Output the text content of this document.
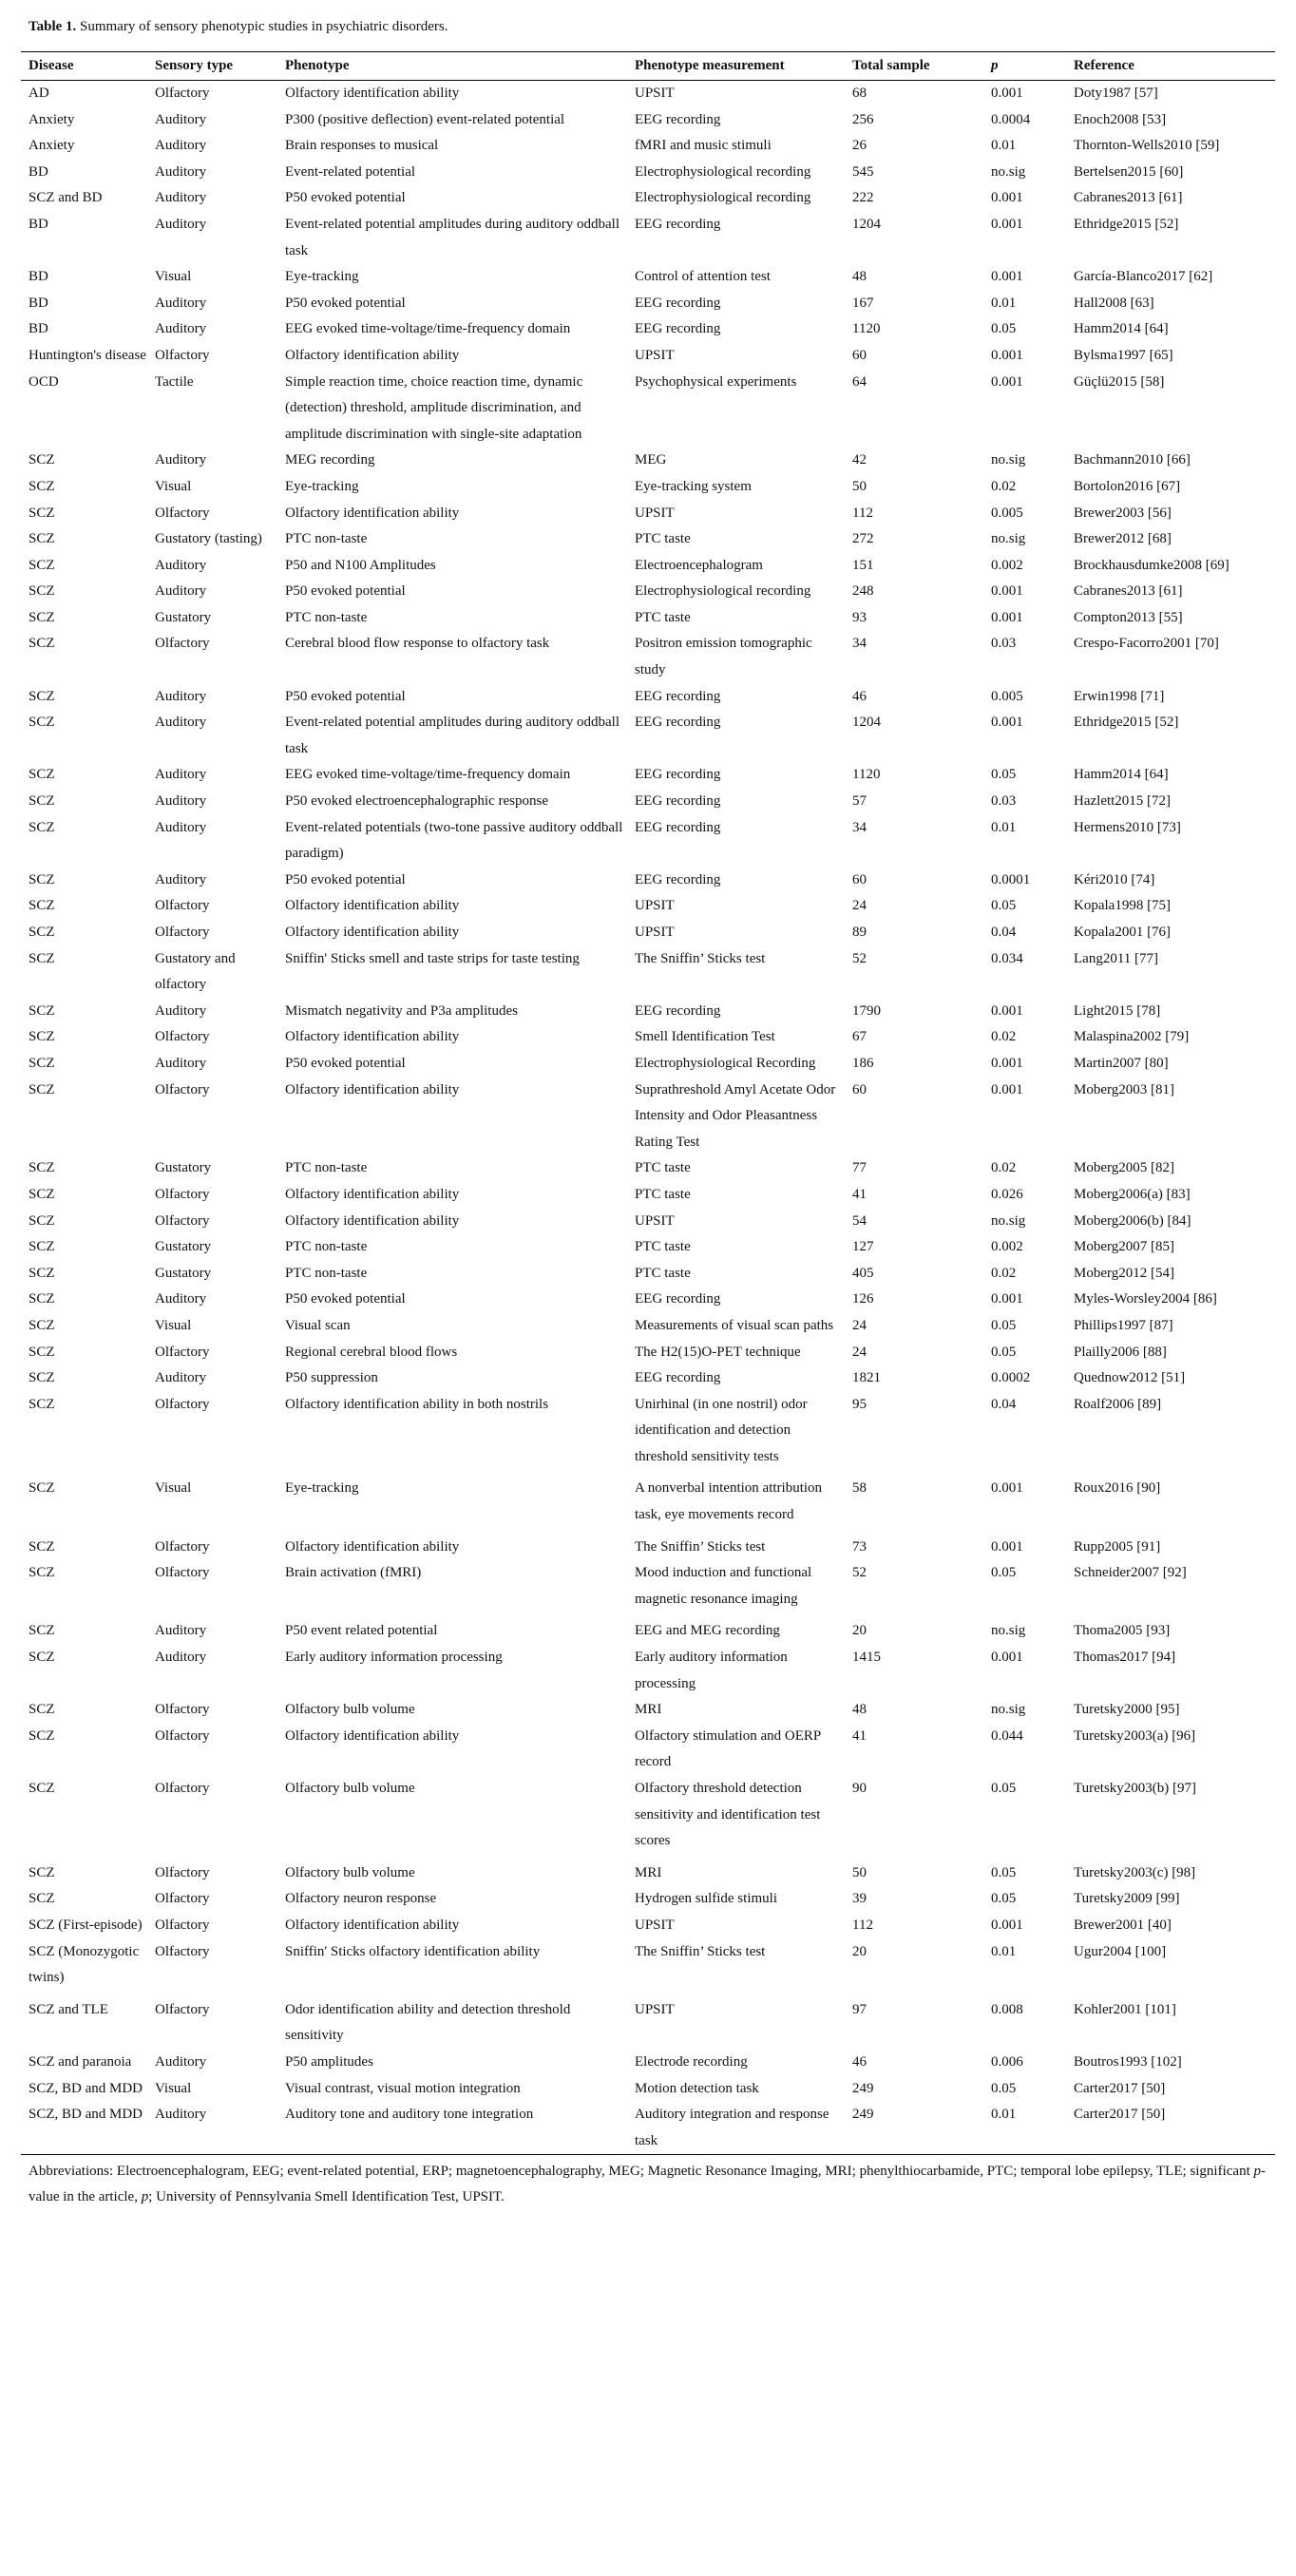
Table 1. Summary of sensory phenotypic studies in psychiatric disorders.
Disease	Sensory type	Phenotype	Phenotype measurement	Total sample	p	Reference
AD	Olfactory	Olfactory identification ability	UPSIT	68	0.001	Doty1987 [57]
Anxiety	Auditory	P300 (positive deflection) event-related potential	EEG recording	256	0.0004	Enoch2008 [53]
Anxiety	Auditory	Brain responses to musical	fMRI and music stimuli	26	0.01	Thornton-Wells2010 [59]
BD	Auditory	Event-related potential	Electrophysiological recording	545	no.sig	Bertelsen2015 [60]
SCZ and BD	Auditory	P50 evoked potential	Electrophysiological recording	222	0.001	Cabranes2013 [61]
BD	Auditory	Event-related potential amplitudes during auditory oddball task	EEG recording	1204	0.001	Ethridge2015 [52]
BD	Visual	Eye-tracking	Control of attention test	48	0.001	García-Blanco2017 [62]
BD	Auditory	P50 evoked potential	EEG recording	167	0.01	Hall2008 [63]
BD	Auditory	EEG evoked time-voltage/time-frequency domain	EEG recording	1120	0.05	Hamm2014 [64]
Huntington's disease	Olfactory	Olfactory identification ability	UPSIT	60	0.001	Bylsma1997 [65]
OCD	Tactile	Simple reaction time, choice reaction time, dynamic (detection) threshold, amplitude discrimination, and amplitude discrimination with single-site adaptation	Psychophysical experiments	64	0.001	Güçlü2015 [58]
SCZ	Auditory	MEG recording	MEG	42	no.sig	Bachmann2010 [66]
SCZ	Visual	Eye-tracking	Eye-tracking system	50	0.02	Bortolon2016 [67]
SCZ	Olfactory	Olfactory identification ability	UPSIT	112	0.005	Brewer2003 [56]
SCZ	Gustatory (tasting)	PTC non-taste	PTC taste	272	no.sig	Brewer2012 [68]
SCZ	Auditory	P50 and N100 Amplitudes	Electroencephalogram	151	0.002	Brockhausdumke2008 [69]
SCZ	Auditory	P50 evoked potential	Electrophysiological recording	248	0.001	Cabranes2013 [61]
SCZ	Gustatory	PTC non-taste	PTC taste	93	0.001	Compton2013 [55]
SCZ	Olfactory	Cerebral blood flow response to olfactory task	Positron emission tomographic study	34	0.03	Crespo-Facorro2001 [70]
SCZ	Auditory	P50 evoked potential	EEG recording	46	0.005	Erwin1998 [71]
SCZ	Auditory	Event-related potential amplitudes during auditory oddball task	EEG recording	1204	0.001	Ethridge2015 [52]
SCZ	Auditory	EEG evoked time-voltage/time-frequency domain	EEG recording	1120	0.05	Hamm2014 [64]
SCZ	Auditory	P50 evoked electroencephalographic response	EEG recording	57	0.03	Hazlett2015 [72]
SCZ	Auditory	Event-related potentials (two-tone passive auditory oddball paradigm)	EEG recording	34	0.01	Hermens2010 [73]
SCZ	Auditory	P50 evoked potential	EEG recording	60	0.0001	Kéri2010 [74]
SCZ	Olfactory	Olfactory identification ability	UPSIT	24	0.05	Kopala1998 [75]
SCZ	Olfactory	Olfactory identification ability	UPSIT	89	0.04	Kopala2001 [76]
SCZ	Gustatory and olfactory	Sniffin' Sticks smell and taste strips for taste testing	The Sniffin’ Sticks test	52	0.034	Lang2011 [77]
SCZ	Auditory	Mismatch negativity and P3a amplitudes	EEG recording	1790	0.001	Light2015 [78]
SCZ	Olfactory	Olfactory identification ability	Smell Identification Test	67	0.02	Malaspina2002 [79]
SCZ	Auditory	P50 evoked potential	Electrophysiological Recording	186	0.001	Martin2007 [80]
SCZ	Olfactory	Olfactory identification ability	Suprathreshold Amyl Acetate Odor Intensity and Odor Pleasantness Rating Test	60	0.001	Moberg2003 [81]
SCZ	Gustatory	PTC non-taste	PTC taste	77	0.02	Moberg2005 [82]
SCZ	Olfactory	Olfactory identification ability	PTC taste	41	0.026	Moberg2006(a) [83]
SCZ	Olfactory	Olfactory identification ability	UPSIT	54	no.sig	Moberg2006(b) [84]
SCZ	Gustatory	PTC non-taste	PTC taste	127	0.002	Moberg2007 [85]
SCZ	Gustatory	PTC non-taste	PTC taste	405	0.02	Moberg2012 [54]
SCZ	Auditory	P50 evoked potential	EEG recording	126	0.001	Myles-Worsley2004 [86]
SCZ	Visual	Visual scan	Measurements of visual scan paths	24	0.05	Phillips1997 [87]
SCZ	Olfactory	Regional cerebral blood flows	The H2(15)O-PET technique	24	0.05	Plailly2006 [88]
SCZ	Auditory	P50 suppression	EEG recording	1821	0.0002	Quednow2012 [51]
SCZ	Olfactory	Olfactory identification ability in both nostrils	Unirhinal (in one nostril) odor identification and detection threshold sensitivity tests	95	0.04	Roalf2006 [89]
SCZ	Visual	Eye-tracking	A nonverbal intention attribution task, eye movements record	58	0.001	Roux2016 [90]
SCZ	Olfactory	Olfactory identification ability	The Sniffin’ Sticks test	73	0.001	Rupp2005 [91]
SCZ	Olfactory	Brain activation (fMRI)	Mood induction and functional magnetic resonance imaging	52	0.05	Schneider2007 [92]
SCZ	Auditory	P50 event related potential	EEG and MEG recording	20	no.sig	Thoma2005 [93]
SCZ	Auditory	Early auditory information processing	Early auditory information processing	1415	0.001	Thomas2017 [94]
SCZ	Olfactory	Olfactory bulb volume	MRI	48	no.sig	Turetsky2000 [95]
SCZ	Olfactory	Olfactory identification ability	Olfactory stimulation and OERP record	41	0.044	Turetsky2003(a) [96]
SCZ	Olfactory	Olfactory bulb volume	Olfactory threshold detection sensitivity and identification test scores	90	0.05	Turetsky2003(b) [97]
SCZ	Olfactory	Olfactory bulb volume	MRI	50	0.05	Turetsky2003(c) [98]
SCZ	Olfactory	Olfactory neuron response	Hydrogen sulfide stimuli	39	0.05	Turetsky2009 [99]
SCZ (First-episode)	Olfactory	Olfactory identification ability	UPSIT	112	0.001	Brewer2001 [40]
SCZ (Monozygotic twins)	Olfactory	Sniffin' Sticks olfactory identification ability	The Sniffin’ Sticks test	20	0.01	Ugur2004 [100]
SCZ and TLE	Olfactory	Odor identification ability and detection threshold sensitivity	UPSIT	97	0.008	Kohler2001 [101]
SCZ and paranoia	Auditory	P50 amplitudes	Electrode recording	46	0.006	Boutros1993 [102]
SCZ, BD and MDD	Visual	Visual contrast, visual motion integration	Motion detection task	249	0.05	Carter2017 [50]
SCZ, BD and MDD	Auditory	Auditory tone and auditory tone integration	Auditory integration and response task	249	0.01	Carter2017 [50]
Abbreviations: Electroencephalogram, EEG; event-related potential, ERP; magnetoencephalography, MEG; Magnetic Resonance Imaging, MRI; phenylthiocarbamide, PTC; temporal lobe epilepsy, TLE; significant p-value in the article, p; University of Pennsylvania Smell Identification Test, UPSIT.
